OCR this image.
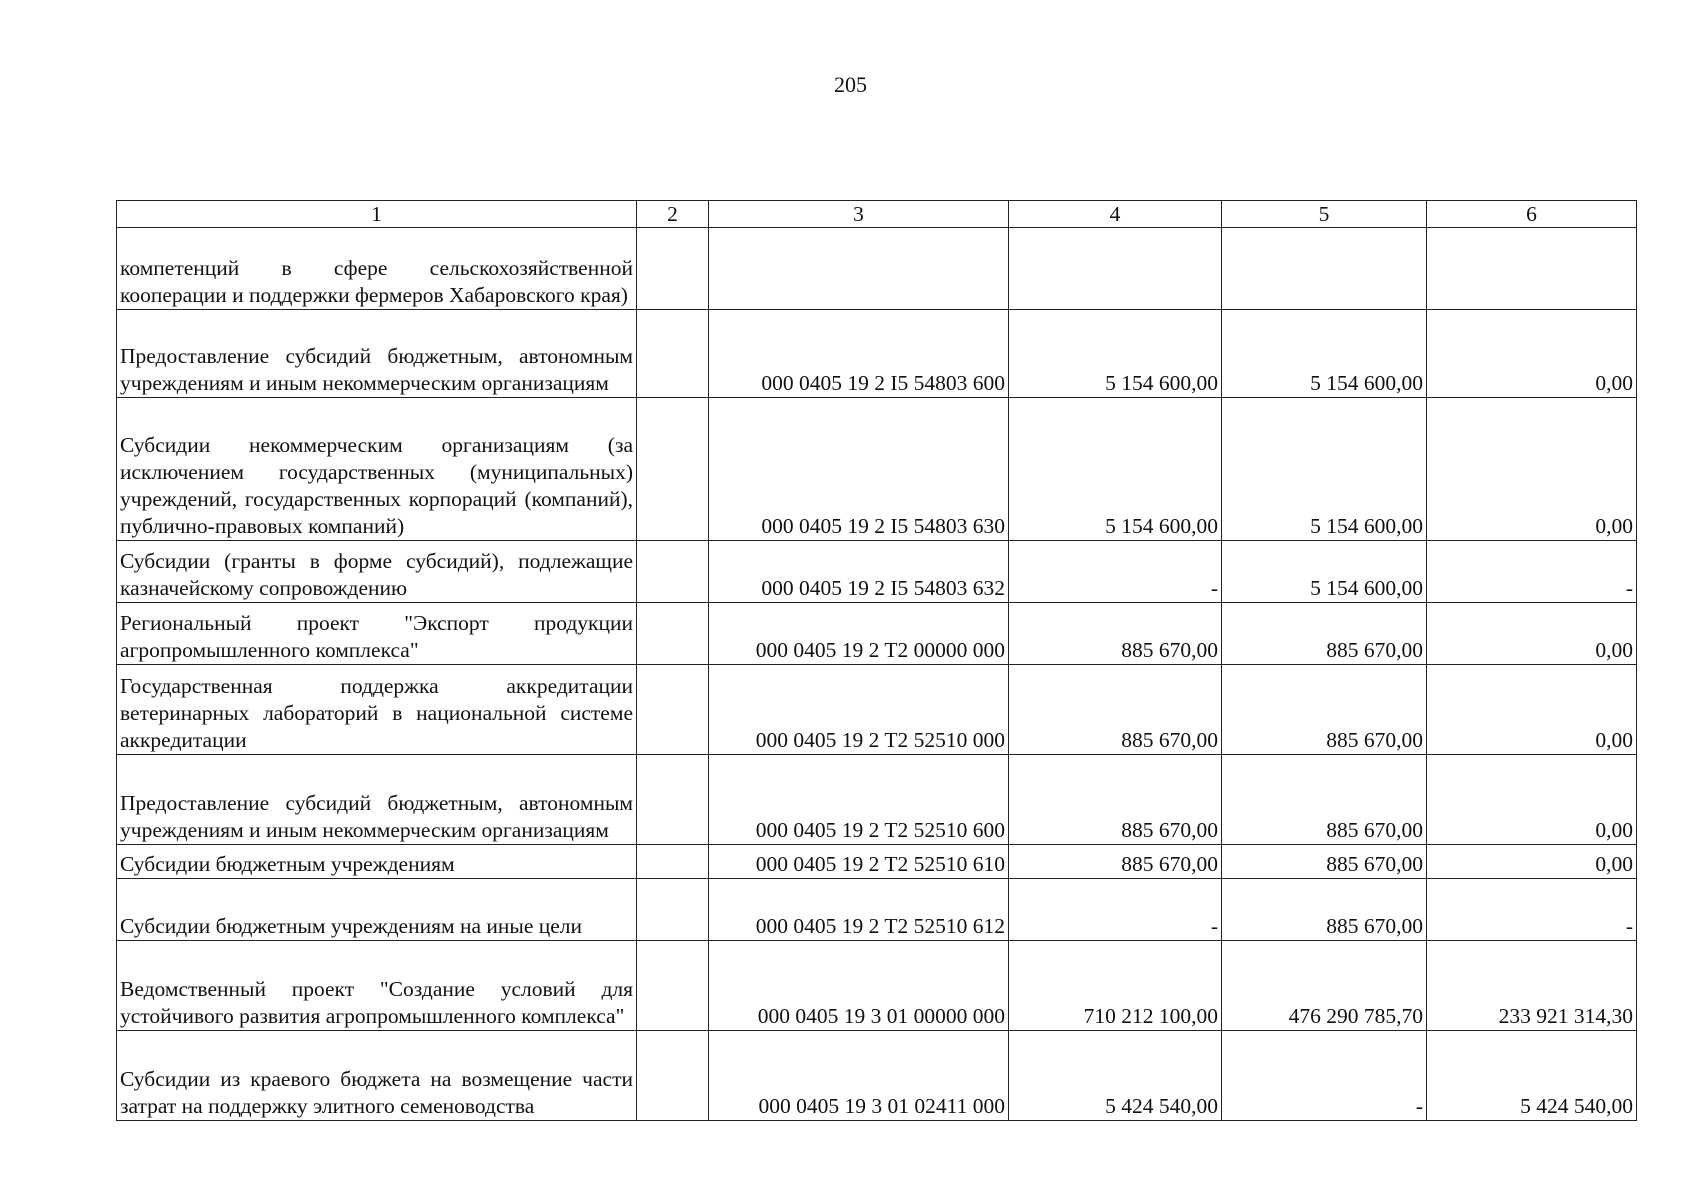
205
1	2	3	4	5	6
компетенций в сфере сельскохозяйственной кооперации и поддержки фермеров Хабаровского края)					
Предоставление субсидий бюджетным, автономным учреждениям и иным некоммерческим организациям		000 0405 19 2 I5 54803 600	5 154 600,00	5 154 600,00	0,00
Субсидии некоммерческим организациям (за исключением государственных (муниципальных) учреждений, государственных корпораций (компаний), публично-правовых компаний)		000 0405 19 2 I5 54803 630	5 154 600,00	5 154 600,00	0,00
Субсидии (гранты в форме субсидий), подлежащие казначейскому сопровождению		000 0405 19 2 I5 54803 632	-	5 154 600,00	-
Региональный проект "Экспорт продукции агропромышленного комплекса"		000 0405 19 2 T2 00000 000	885 670,00	885 670,00	0,00
Государственная поддержка аккредитации ветеринарных лабораторий в национальной системе аккредитации		000 0405 19 2 T2 52510 000	885 670,00	885 670,00	0,00
Предоставление субсидий бюджетным, автономным учреждениям и иным некоммерческим организациям		000 0405 19 2 T2 52510 600	885 670,00	885 670,00	0,00
Субсидии бюджетным учреждениям		000 0405 19 2 T2 52510 610	885 670,00	885 670,00	0,00
Субсидии бюджетным учреждениям на иные цели		000 0405 19 2 T2 52510 612	-	885 670,00	-
Ведомственный проект "Создание условий для устойчивого развития агропромышленного комплекса"		000 0405 19 3 01 00000 000	710 212 100,00	476 290 785,70	233 921 314,30
Субсидии из краевого бюджета на возмещение части затрат на поддержку элитного семеноводства		000 0405 19 3 01 02411 000	5 424 540,00	-	5 424 540,00
